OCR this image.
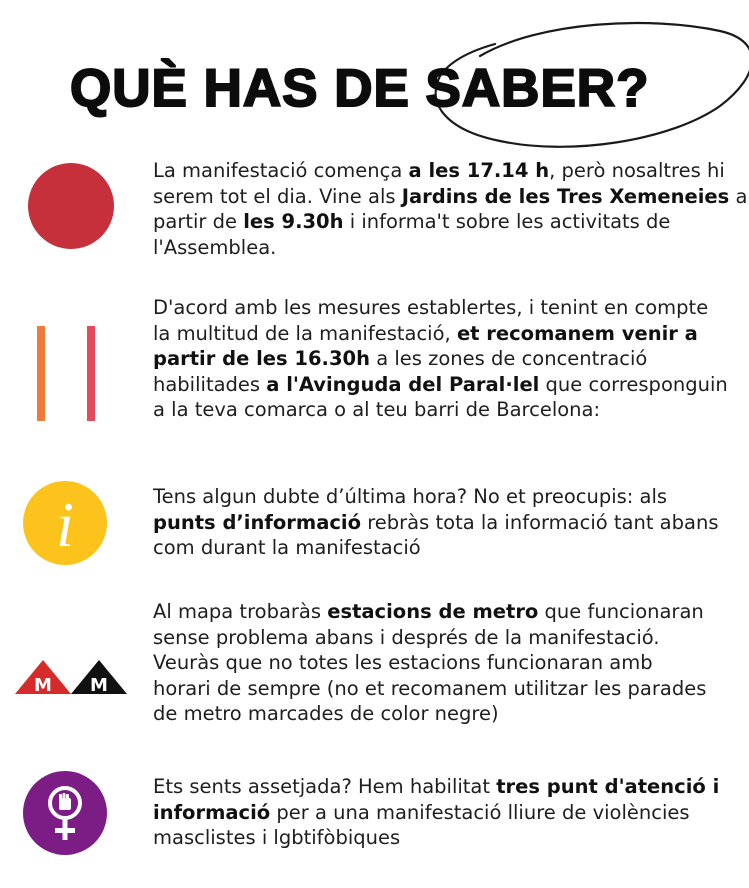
QUÈ HAS DE SABER?
La manifestació comença a les 17.14 h, però nosaltres hi
serem tot el dia. Vine als Jardins de les Tres Xemeneies a
partir de les 9.30h i informa't sobre les activitats de
l'Assemblea.
D'acord amb les mesures establertes, i tenint en compte
la multitud de la manifestació, et recomanem venir a
partir de les 16.30h a les zones de concentració
habilitades a l'Avinguda del Paral·lel que corresponguin
a la teva comarca o al teu barri de Barcelona:
i	Tens algun dubte d’última hora? No et preocupis: als
punts d’informació rebràs tota la informació tant abans
com durant la manifestació
M M
Al mapa trobaràs estacions de metro que funcionaran
sense problema abans i després de la manifestació.
Veuràs que no totes les estacions funcionaran amb
horari de sempre (no et recomanem utilitzar les parades
de metro marcades de color negre)
Ets sents assetjada? Hem habilitat tres punt d'atenció i
informació per a una manifestació lliure de violències
masclistes i lgbtifòbiques
